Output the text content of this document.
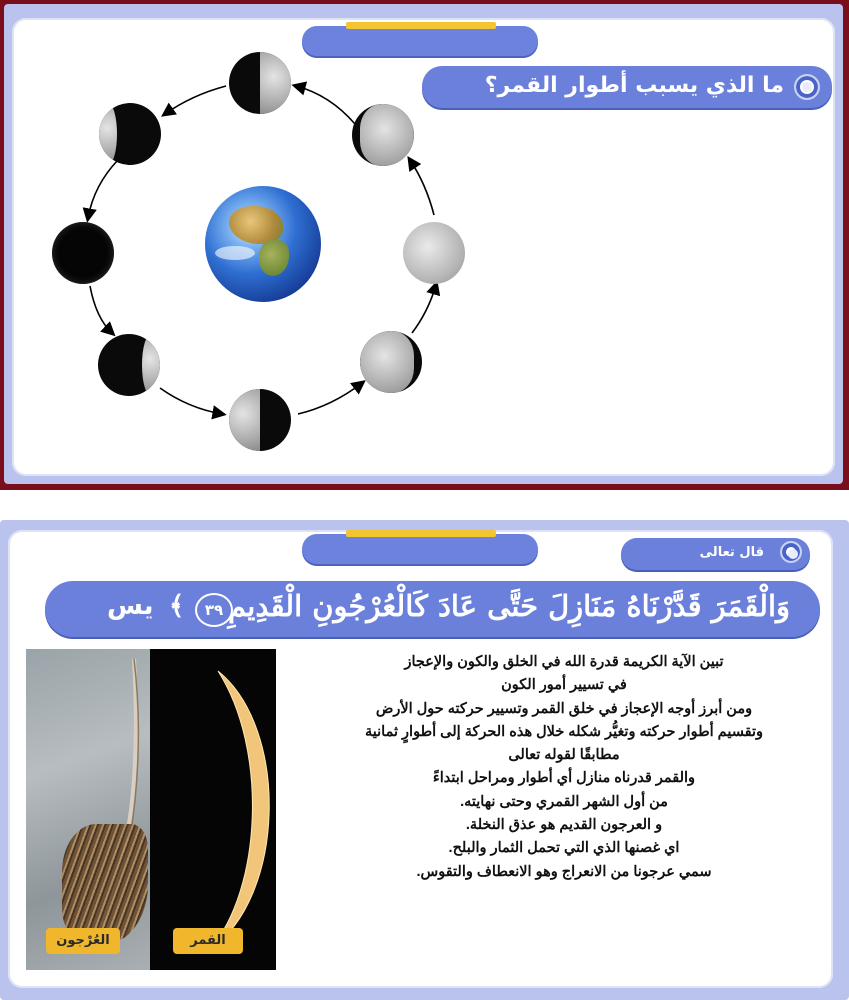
ما الذي يسبب أطوار القمر؟
قال تعالى
وَالْقَمَرَ قَدَّرْنَاهُ مَنَازِلَ حَتَّى عَادَ كَالْعُرْجُونِ الْقَدِيمِ
٣٩
﴾
يس
العُرْجون	القمر
تبين الآية الكريمة قدرة الله في الخلق والكون والإعجاز
في تسيير أمور الكون
ومن أبرز أوجه الإعجاز في خلق القمر وتسيير حركته حول الأرض
وتقسيم أطوار حركته وتغيُّر شكله خلال هذه الحركة إلى أطوارٍ ثمانية
مطابقًا لقوله تعالى
والقمر قدرناه منازل أي أطوار ومراحل ابتداءً
من أول الشهر القمري وحتى نهايته.
و العرجون القديم هو عذق النخلة.
اي غصنها الذي التي تحمل الثمار والبلح.
سمي عرجونا من الانعراج وهو الانعطاف والتقوس.
